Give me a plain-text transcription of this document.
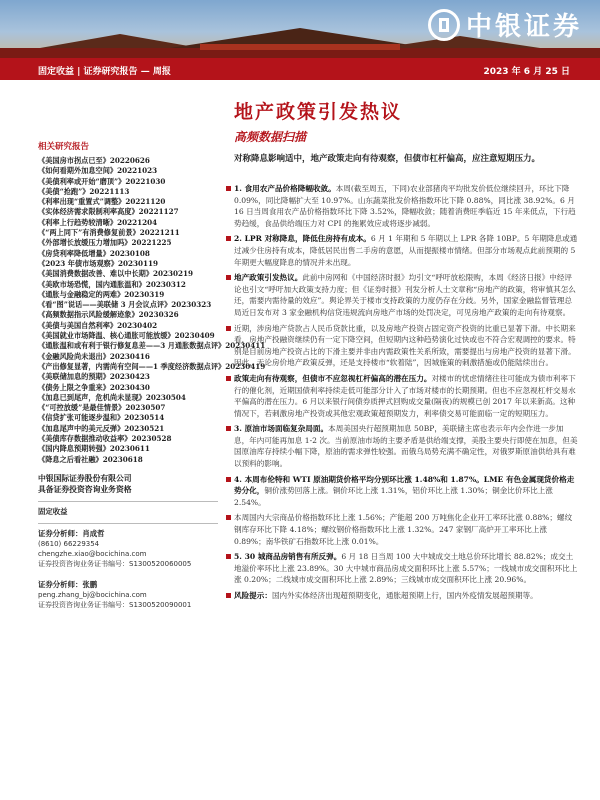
中银证券
固定收益 | 证券研究报告 — 周报	2023 年 6 月 25 日
地产政策引发热议
高频数据扫描
对称降息影响适中，地产政策走向有待观察，但债市杠杆偏高，应注意短期压力。
1. 食用农产品价格降幅收敛。本周(截至周五，下同)农业部猪肉平均批发价低位继续回升，环比下降 0.09%，同比降幅扩大至 10.97%。山东蔬菜批发价格指数环比下降 0.88%，同比涨 38.92%。6 月 16 日当周食用农产品价格指数环比下降 3.52%，降幅收敛；随着消费旺季临近 15 年来低点，下行趋势趋缓，食品供给端压力对 CPI 的拖累效应或将逐步减弱。
2. LPR 对称降息，降低住房持有成本。6 月 1 年期和 5 年期以上 LPR 各降 10BP。5 年期降息或通过减少住房持有成本，降低居民出售二手房的意愿，从而提振楼市情绪。但部分市场观点此前预期的 5 年期更大幅度降息的情况并未出现。
地产政策引发热议。此前中房网和《中国经济时报》均引文“呼吁放松限购，本周《经济日报》中经评论也引文“呼吁加大政策支持力度；但《证券时报》刊发分析人士文章称“房地产的政策，将审慎其怎么还，需要内需待量的效应”。舆论界关于楼市支持政策的力度仍存在分歧。另外，国家金融监督管理总局近日发布对 3 家金融机构信贷违规流向房地产市场的处罚决定，可见房地产政策的走向有待观察。
近期，涉房地产贷款占人民币贷款比重，以及房地产投资占固定资产投资的比重已显著下滑。中长期来看，房地产投融资继续仍有一定下降空间，但短期内这种趋势演化过快或也不符合宏观调控的要求。特别是目前房地产投资占比的下滑主要并非由内需政策性关系所致，需要提出与房地产投资的显著下滑。因此，无论房价地产政策反弹，还是支持楼市“软着陆”，因城施策的刺激措施或仍能陆续出台。
政策走向有待观察，但债市不应忽视杠杆偏高的潜在压力。对楼市的忧虑情绪往往可能成为债市利率下行的催化剂，近期国债利率持续走低可能部分计入了市场对楼市的长期预期。但也不应忽视杠杆交易水平偏高的潜在压力。6 月以来银行间债券质押式回购成交量(隔夜)的规模已创 2017 年以来新高。这种情况下，若刺激房地产投资或其他宏观政策超预期发力，利率债交易可能面临一定的短期压力。
3. 原油市场面临复杂局面。本周美国央行超预期加息 50BP，美联储主席也表示年内会作进一步加息，年内可能再加息 1-2 次。当前原油市场的主要矛盾是供给端支撑，美股主要央行即使在加息，但美国原油库存持续小幅下降，原油的需求弹性较强。而俄乌局势充满不确定性，对俄罗斯原油供给具有难以预料的影响。
4. 本周布伦特和 WTI 原油期货价格平均分别环比涨 1.48%和 1.87%。LME 有色金属现货价格走势分化，铜价涨势回落上涨。铜价环比上涨 1.31%，铝价环比上涨 1.30%；铜金比价环比上涨 2.54%。
本周国内大宗商品价格指数环比上涨 1.56%；产能超 200 万吨焦化企业开工率环比涨 0.88%；螺纹钢库存环比下降 4.18%；螺纹钢价格指数环比上涨 1.32%。247 家钢厂高炉开工率环比上涨 0.89%；南华铁矿石指数环比上涨 0.01%。
5. 30 城商品房销售有所反弹。6 月 18 日当周 100 大中城成交土地总价环比增长 88.82%；成交土地溢价率环比上涨 23.89%。30 大中城市商品房成交面积环比上涨 5.57%；一线城市成交面积环比上涨 0.20%；二线城市成交面积环比上涨 2.89%；三线城市成交面积环比上涨 20.96%。
风险提示：国内外实体经济出现超预期变化，通胀超预期上行，国内外疫情发展超预期等。
相关研究报告
《美国房市拐点已至》20220626
《如何看期外加息空间》20221023
《美债利率或开始“磨顶”》20221030
《美债“抢跑”》20221113
《利率出现“重置式”调整》20221120
《实体经济需求限制利率高度》20221127
《利率上行趋势较清晰》20221204
《“两上同下”有消费修复前景》20221211
《外部增长放缓压力增加吗》20221225
《房贷利率降低增量》20230108
《2023 年债市场观察》20230119
《美国消费数据改善、难以中长期》20230219
《美欧市场恐慌，国内通胀温和》20230312
《通胀与金融稳定的两难》20230319
《看“图”说话——美联储 3 月会议点评》20230323
《高频数据指示风险缓解迹象》20230326
《美债与美国自然利率》20230402
《美国就业市场降温、核心通胀可能放缓》20230409
《通胀温和或有利于银行修复息差——3 月通胀数据点评》20230411
《金融风险尚未退出》20230416
《产出修复显著，内需尚有空间——1 季度经济数据点评》20230419
《美联储加息的预期》20230423
《债务上限之争重来》20230430
《加息已到尾声，危机尚未显现》20230504
《“可控放缓”是最佳情景》20230507
《信贷扩张可能逐步温和》20230514
《加息尾声中的美元反弹》20230521
《美债库存数据推动收益率》20230528
《国内降息预期转强》20230611
《降息之后看社融》20230618
中银国际证券股份有限公司
具备证券投资咨询业务资格
固定收益
证券分析师：肖成哲
(8610) 66229354
chengzhe.xiao@bocichina.com
证券投资咨询业务证书编号：S1300520060005
证券分析师：张鹏
peng.zhang_bj@bocichina.com
证券投资咨询业务证书编号：S1300520090001
